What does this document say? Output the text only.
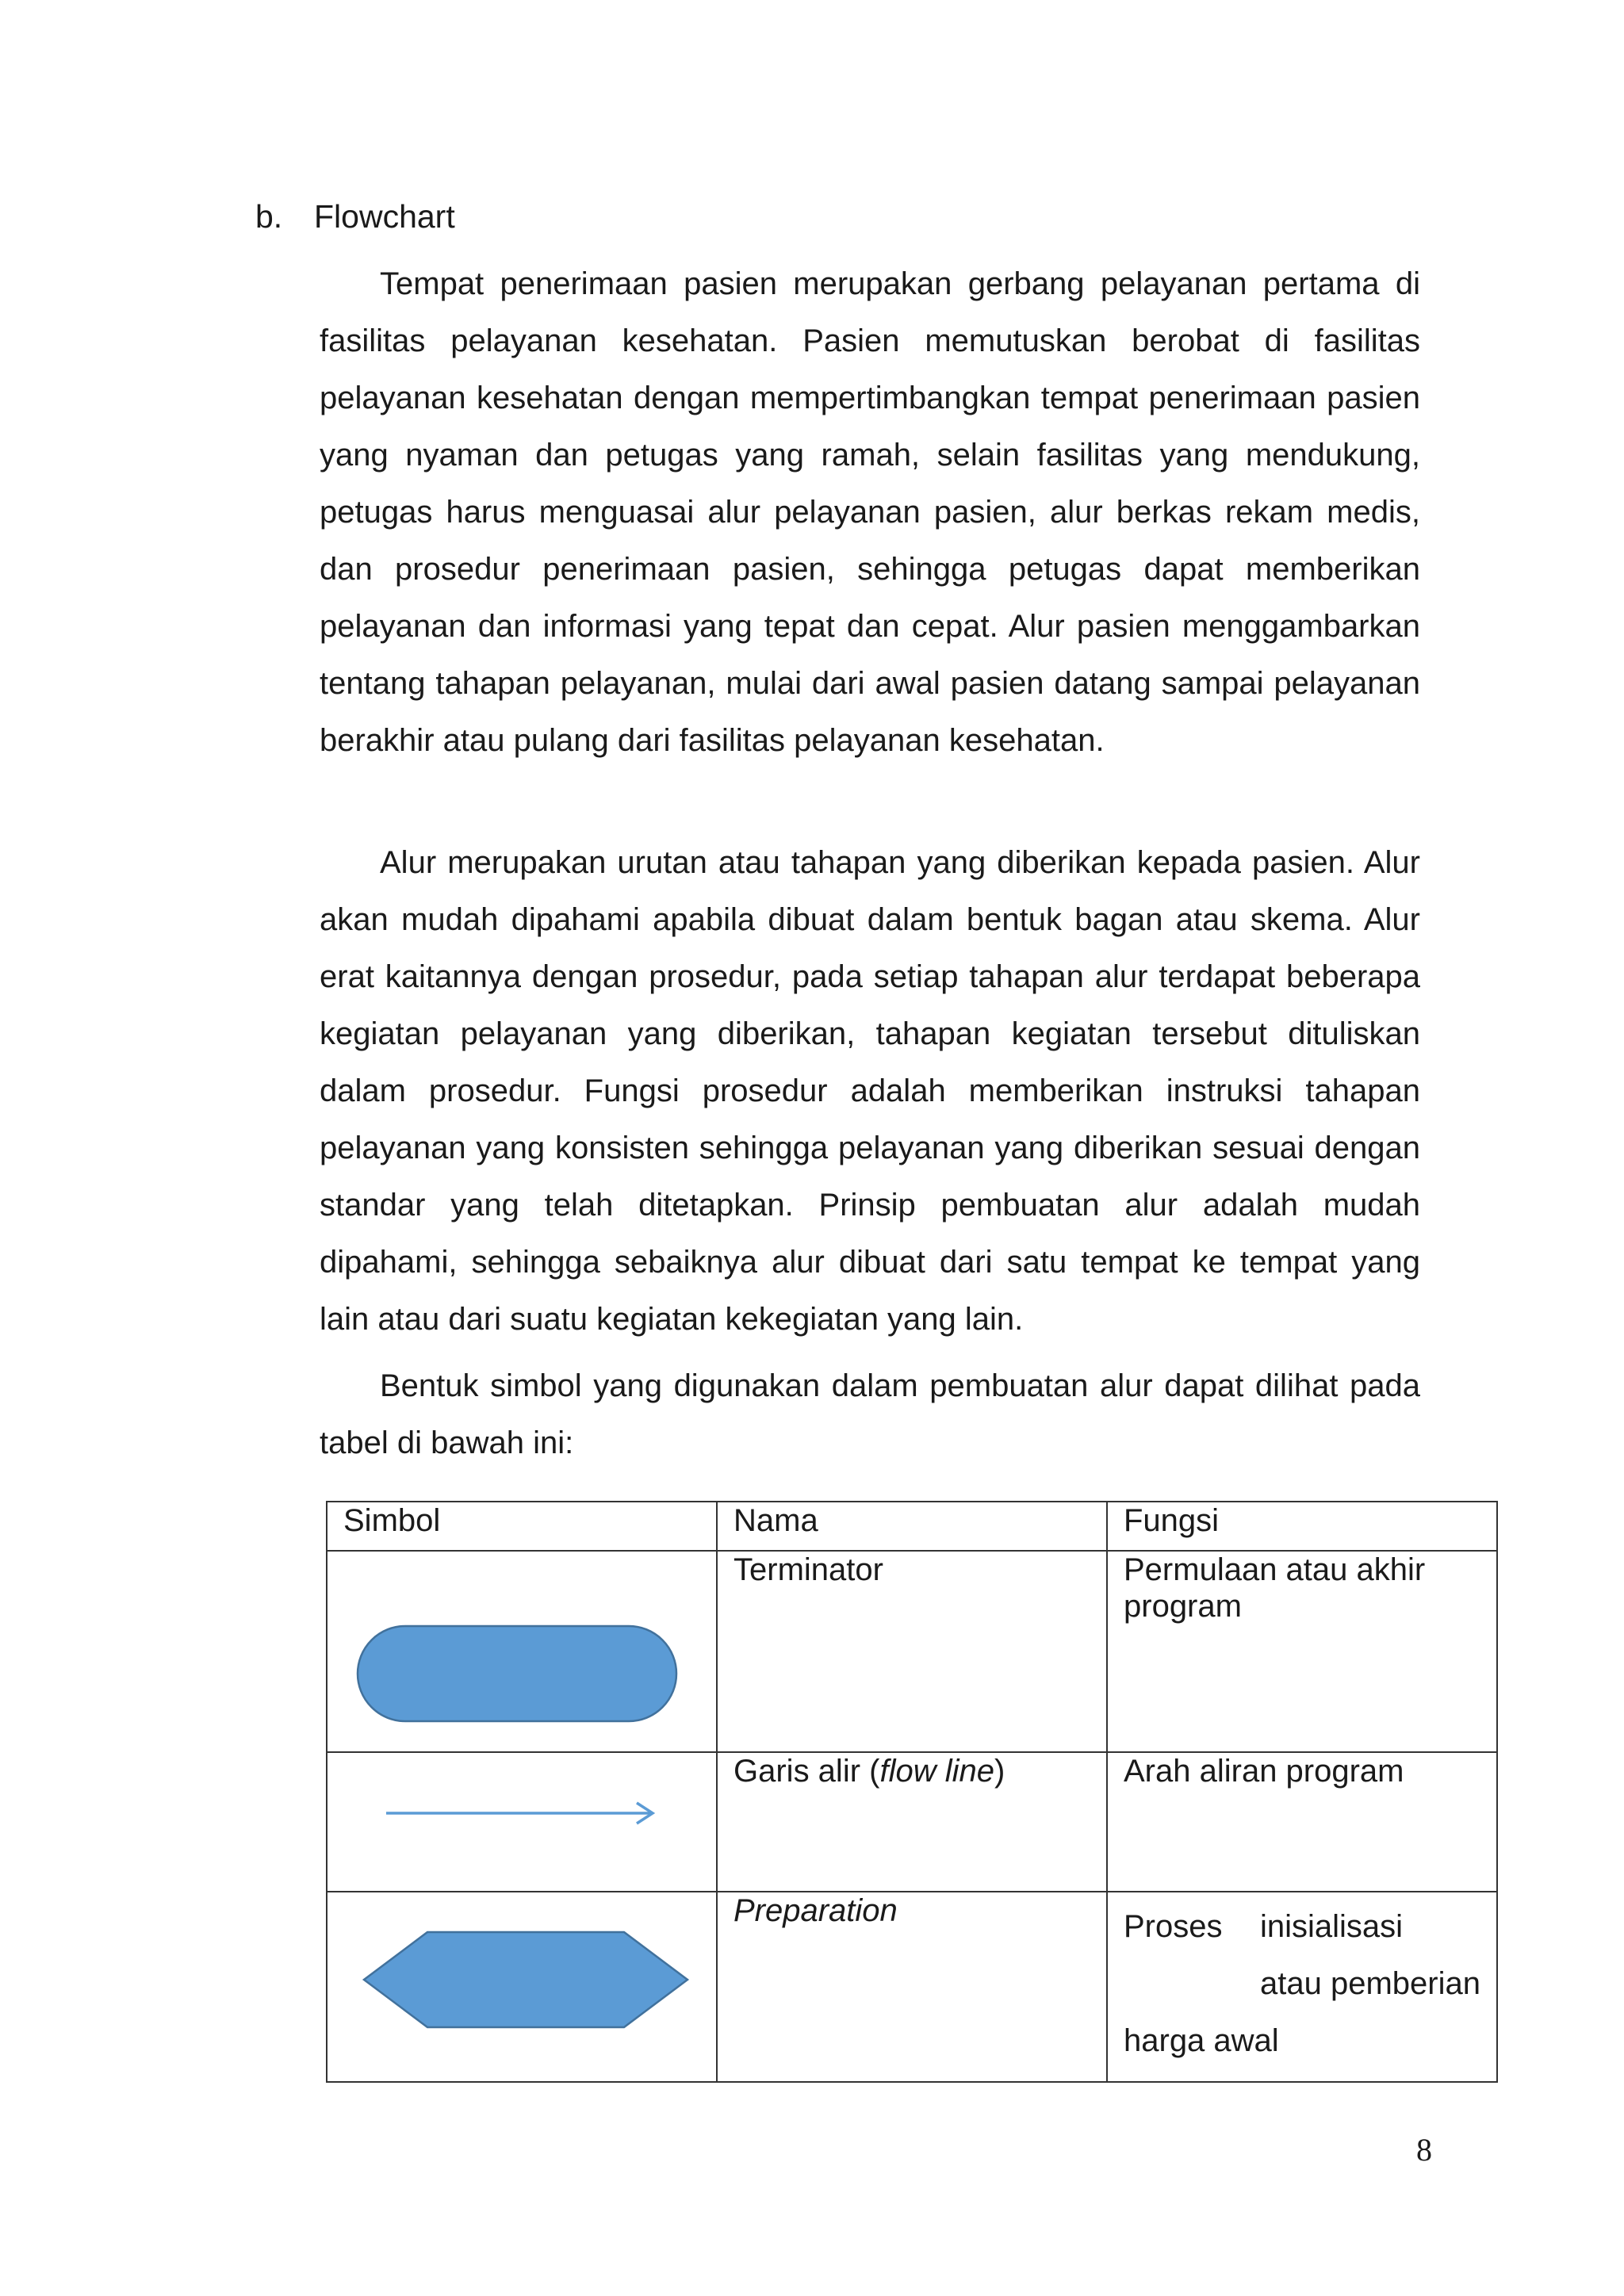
b. Flowchart

Tempat penerimaan pasien merupakan gerbang pelayanan pertama di fasilitas pelayanan kesehatan. Pasien memutuskan berobat di fasilitas pelayanan kesehatan dengan mempertimbangkan tempat penerimaan pasien yang nyaman dan petugas yang ramah, selain fasilitas yang mendukung, petugas harus menguasai alur pelayanan pasien, alur berkas rekam medis, dan prosedur penerimaan pasien, sehingga petugas dapat memberikan pelayanan dan informasi yang tepat dan cepat. Alur pasien menggambarkan tentang tahapan pelayanan, mulai dari awal pasien datang sampai pelayanan berakhir atau pulang dari fasilitas pelayanan kesehatan.

Alur merupakan urutan atau tahapan yang diberikan kepada pasien. Alur akan mudah dipahami apabila dibuat dalam bentuk bagan atau skema. Alur erat kaitannya dengan prosedur, pada setiap tahapan alur terdapat beberapa kegiatan pelayanan yang diberikan, tahapan kegiatan tersebut dituliskan dalam prosedur. Fungsi prosedur adalah memberikan instruksi tahapan pelayanan yang konsisten sehingga pelayanan yang diberikan sesuai dengan standar yang telah ditetapkan. Prinsip pembuatan alur adalah mudah dipahami, sehingga sebaiknya alur dibuat dari satu tempat ke tempat yang lain atau dari suatu kegiatan kekegiatan yang lain.

Bentuk simbol yang digunakan dalam pembuatan alur dapat dilihat pada tabel di bawah ini:

Simbol	Nama	Fungsi

	Terminator	Permulaan atau akhir program

	Garis alir (flow line)	Arah aliran program

	Preparation	Proses inisialisasi
atau pemberian
harga awal
8
